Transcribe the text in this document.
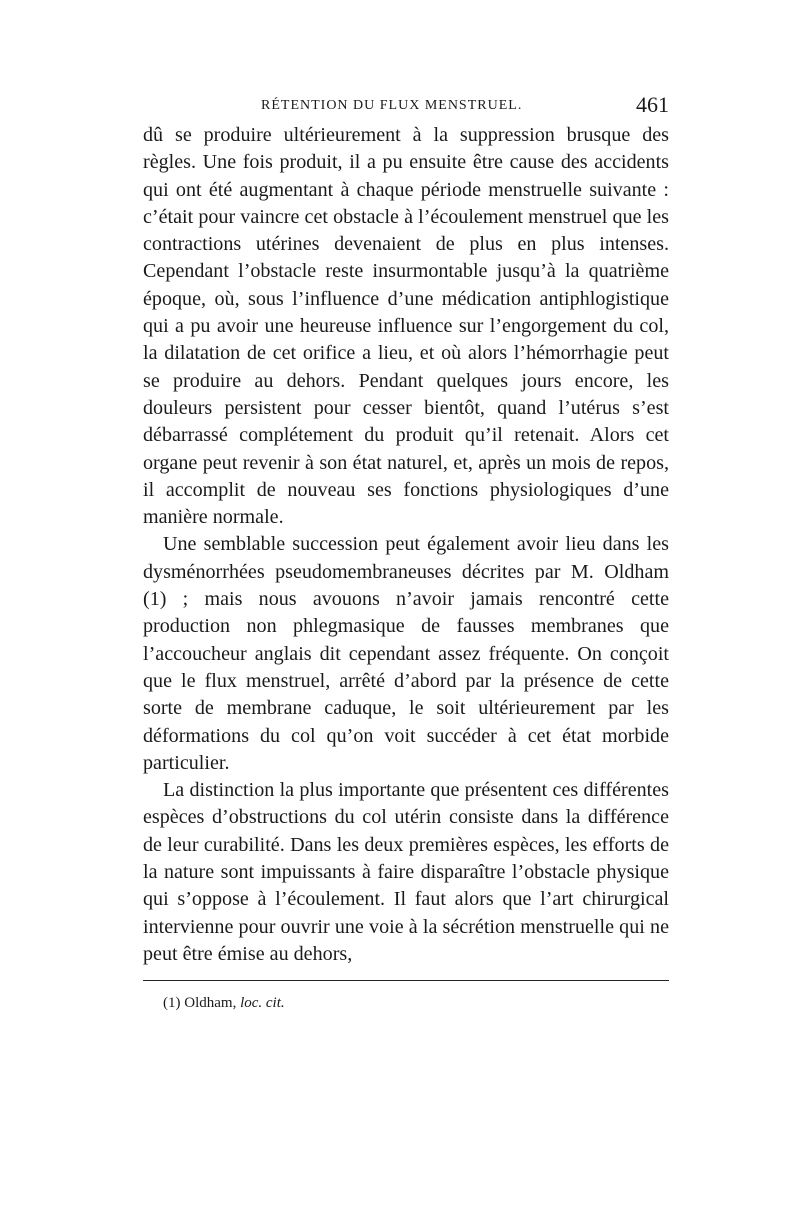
RÉTENTION DU FLUX MENSTRUEL.	461

dû se produire ultérieurement à la suppression brusque des règles. Une fois produit, il a pu ensuite être cause des accidents qui ont été augmentant à chaque période menstruelle suivante : c’était pour vaincre cet obstacle à l’écoulement menstruel que les contractions utérines devenaient de plus en plus intenses. Cependant l’obstacle reste insurmontable jusqu’à la quatrième époque, où, sous l’influence d’une médication antiphlogistique qui a pu avoir une heureuse influence sur l’engorgement du col, la dilatation de cet orifice a lieu, et où alors l’hémorrhagie peut se produire au dehors. Pendant quelques jours encore, les douleurs persistent pour cesser bientôt, quand l’utérus s’est débarrassé complétement du produit qu’il retenait. Alors cet organe peut revenir à son état naturel, et, après un mois de repos, il accomplit de nouveau ses fonctions physiologiques d’une manière normale.

Une semblable succession peut également avoir lieu dans les dysménorrhées pseudomembraneuses décrites par M. Oldham (1) ; mais nous avouons n’avoir jamais rencontré cette production non phlegmasique de fausses membranes que l’accoucheur anglais dit cependant assez fréquente. On conçoit que le flux menstruel, arrêté d’abord par la présence de cette sorte de membrane caduque, le soit ultérieurement par les déformations du col qu’on voit succéder à cet état morbide particulier.

La distinction la plus importante que présentent ces différentes espèces d’obstructions du col utérin consiste dans la différence de leur curabilité. Dans les deux premières espèces, les efforts de la nature sont impuissants à faire disparaître l’obstacle physique qui s’oppose à l’écoulement. Il faut alors que l’art chirurgical intervienne pour ouvrir une voie à la sécrétion menstruelle qui ne peut être émise au dehors,

(1) Oldham, loc. cit.
